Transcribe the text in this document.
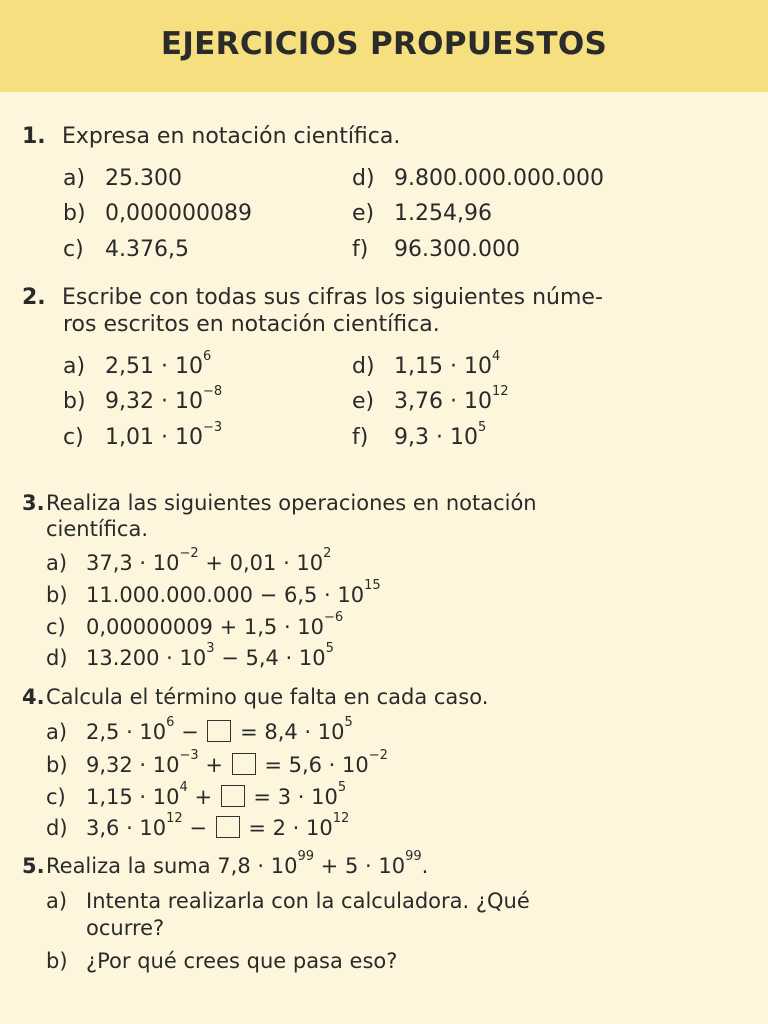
EJERCICIOS PROPUESTOS
1. Expresa en notación científica.
a) 25.300
b) 0,000000089
c) 4.376,5
d) 9.800.000.000.000
e) 1.254,96
f) 96.300.000
2. Escribe con todas sus cifras los siguientes núme-
ros escritos en notación científica.
a) $2,51 \cdot 10^6$
b) $9,32 \cdot 10^{-8}$
c) $1,01 \cdot 10^{-3}$
d) $1,15 \cdot 10^4$
e) $3,76 \cdot 10^{12}$
f) $9,3 \cdot 10^5$
3.Realiza las siguientes operaciones en notación
científica.
a) $37,3 \cdot 10^{-2} + 0,01 \cdot 10^2$
b) $11.000.000.000 - 6,5 \cdot 10^{15}$
c) $0,00000009 + 1,5 \cdot 10^{-6}$
d) $13.200 \cdot 10^3 - 5,4 \cdot 10^5$
4.Calcula el término que falta en cada caso.
a) $2,5 \cdot 10^6$ −  = $8,4 \cdot 10^5$
b) $9,32 \cdot 10^{-3}$ +  = $5,6 \cdot 10^{-2}$
c) $1,15 \cdot 10^4$ +  = $3 \cdot 10^5$
d) $3,6 \cdot 10^{12}$ −  = $2 \cdot 10^{12}$
5.Realiza la suma $7,8 \cdot 10^{99} + 5 \cdot 10^{99}$.
a) Intenta realizarla con la calculadora. ¿Qué
ocurre?
b) ¿Por qué crees que pasa eso?
